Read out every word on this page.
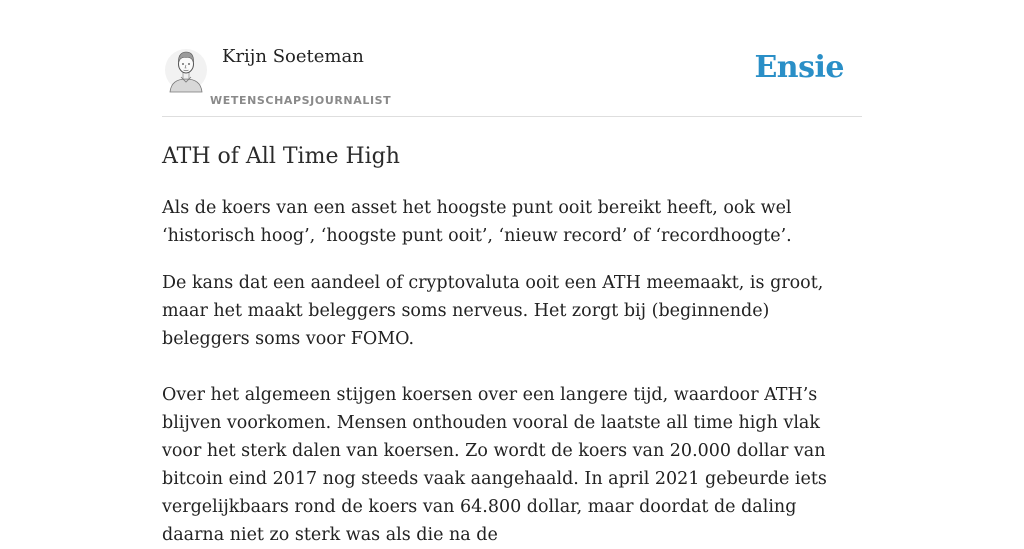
Krijn Soeteman
WETENSCHAPSJOURNALIST
Ensie
ATH of All Time High

Als de koers van een asset het hoogste punt ooit bereikt heeft, ook wel ‘historisch hoog’, ‘hoogste punt ooit’, ‘nieuw record’ of ‘recordhoogte’.

De kans dat een aandeel of cryptovaluta ooit een ATH meemaakt, is groot, maar het maakt beleggers soms nerveus. Het zorgt bij (beginnende) beleggers soms voor FOMO.

Over het algemeen stijgen koersen over een langere tijd, waardoor ATH’s blijven voorkomen. Mensen onthouden vooral de laatste all time high vlak voor het sterk dalen van koersen. Zo wordt de koers van 20.000 dollar van bitcoin eind 2017 nog steeds vaak aangehaald. In april 2021 gebeurde iets vergelijkbaars rond de koers van 64.800 dollar, maar doordat de daling daarna niet zo sterk was als die na de
